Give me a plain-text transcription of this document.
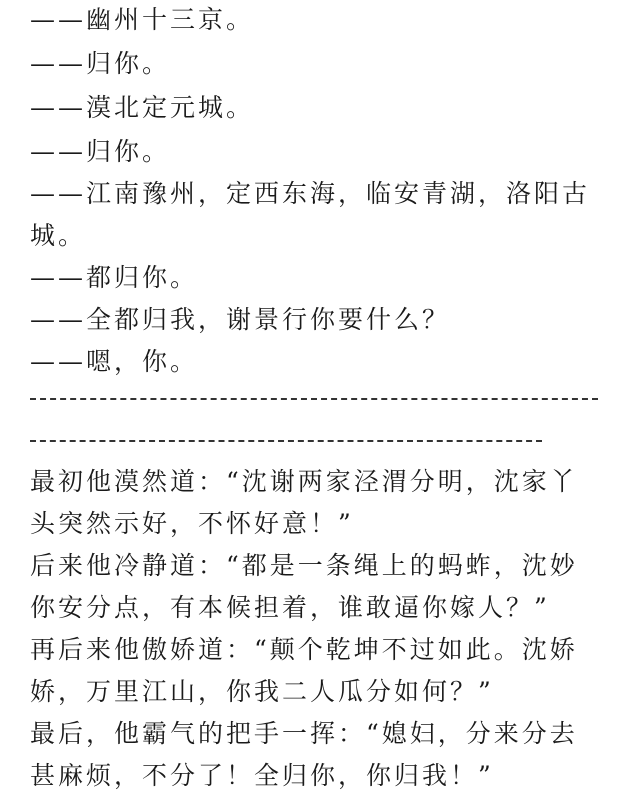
——幽州十三京。
——归你。
——漠北定元城。
——归你。
——江南豫州，定西东海，临安青湖，洛阳古
城。
——都归你。
——全都归我，谢景行你要什么？
——嗯，你。
最初他漠然道：“沈谢两家泾渭分明，沈家丫
头突然示好，不怀好意！”
后来他冷静道：“都是一条绳上的蚂蚱，沈妙
你安分点，有本候担着，谁敢逼你嫁人？”
再后来他傲娇道：“颠个乾坤不过如此。沈娇
娇，万里江山，你我二人瓜分如何？”
最后，他霸气的把手一挥：“媳妇，分来分去
甚麻烦，不分了！全归你，你归我！”
